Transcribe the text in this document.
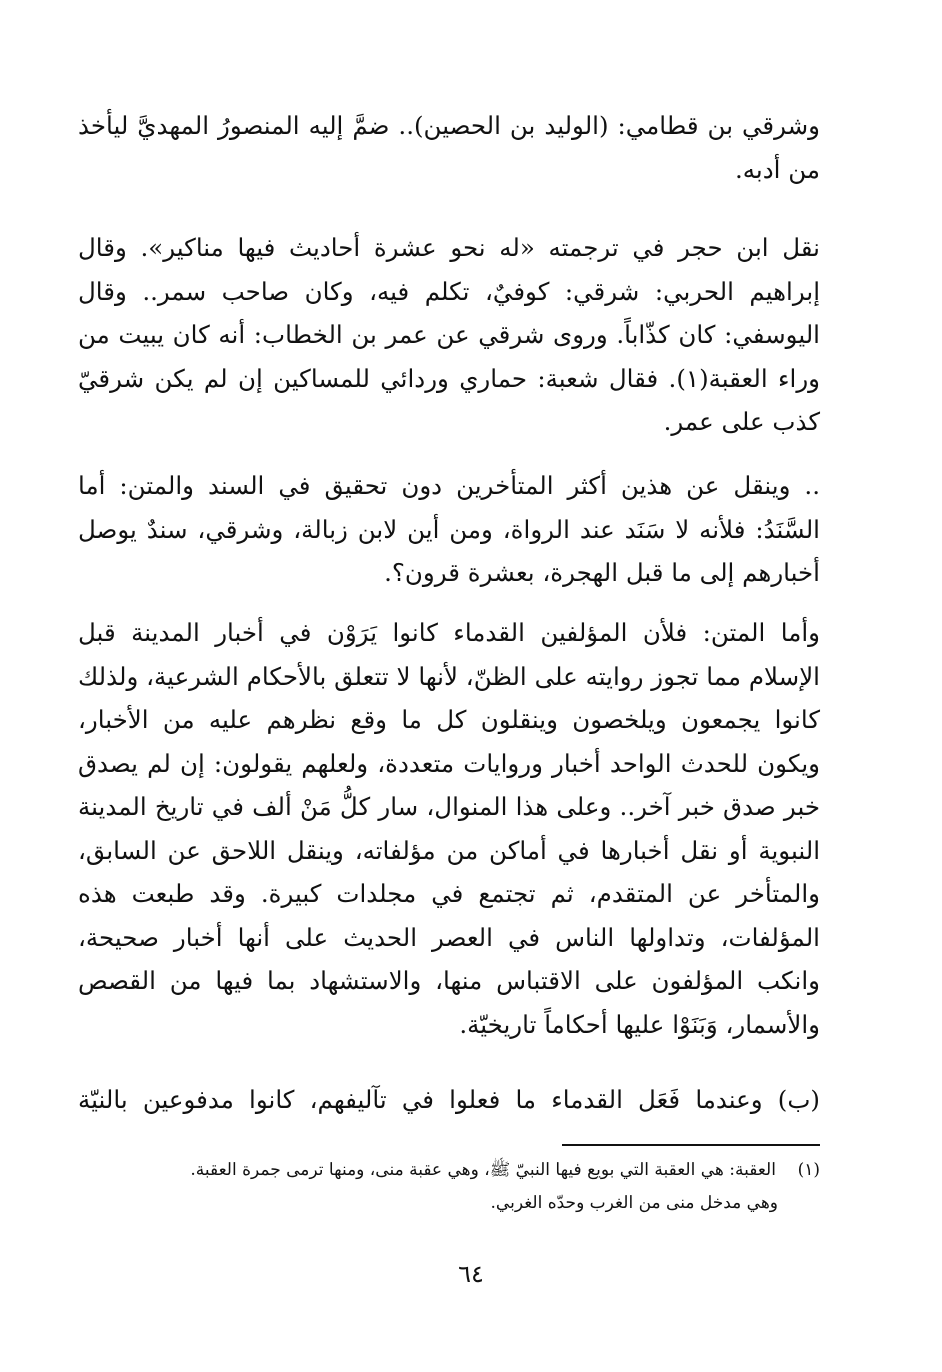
وشرقي بن قطامي: (الوليد بن الحصين).. ضمَّ إليه المنصورُ المهديَّ ليأخذ من أدبه.

نقل ابن حجر في ترجمته «له نحو عشرة أحاديث فيها مناكير». وقال إبراهيم الحربي: شرقي: كوفيٌ، تكلم فيه، وكان صاحب سمر.. وقال اليوسفي: كان كذّاباً. وروى شرقي عن عمر بن الخطاب: أنه كان يبيت من وراء العقبة(١). فقال شعبة: حماري وردائي للمساكين إن لم يكن شرقيّ كذب على عمر.

.. وينقل عن هذين أكثر المتأخرين دون تحقيق في السند والمتن: أما السَّنَدُ: فلأنه لا سَنَد عند الرواة، ومن أين لابن زبالة، وشرقي، سندٌ يوصل أخبارهم إلى ما قبل الهجرة، بعشرة قرون؟.

وأما المتن: فلأن المؤلفين القدماء كانوا يَرَوْن في أخبار المدينة قبل الإسلام مما تجوز روايته على الظنّ، لأنها لا تتعلق بالأحكام الشرعية، ولذلك كانوا يجمعون ويلخصون وينقلون كل ما وقع نظرهم عليه من الأخبار، ويكون للحدث الواحد أخبار وروايات متعددة، ولعلهم يقولون: إن لم يصدق خبر صدق خبر آخر.. وعلى هذا المنوال، سار كلُّ مَنْ ألف في تاريخ المدينة النبوية أو نقل أخبارها في أماكن من مؤلفاته، وينقل اللاحق عن السابق، والمتأخر عن المتقدم، ثم تجتمع في مجلدات كبيرة. وقد طبعت هذه المؤلفات، وتداولها الناس في العصر الحديث على أنها أخبار صحيحة، وانكب المؤلفون على الاقتباس منها، والاستشهاد بما فيها من القصص والأسمار، وَبَنَوْا عليها أحكاماً تاريخيّة.

(ب) وعندما فَعَل القدماء ما فعلوا في تآليفهم، كانوا مدفوعين بالنيّة

(١)    العقبة: هي العقبة التي بويع فيها النبيّ ﷺ، وهي عقبة منى، ومنها ترمى جمرة العقبة.
وهي مدخل منى من الغرب وحدّه الغربي.
٦٤
